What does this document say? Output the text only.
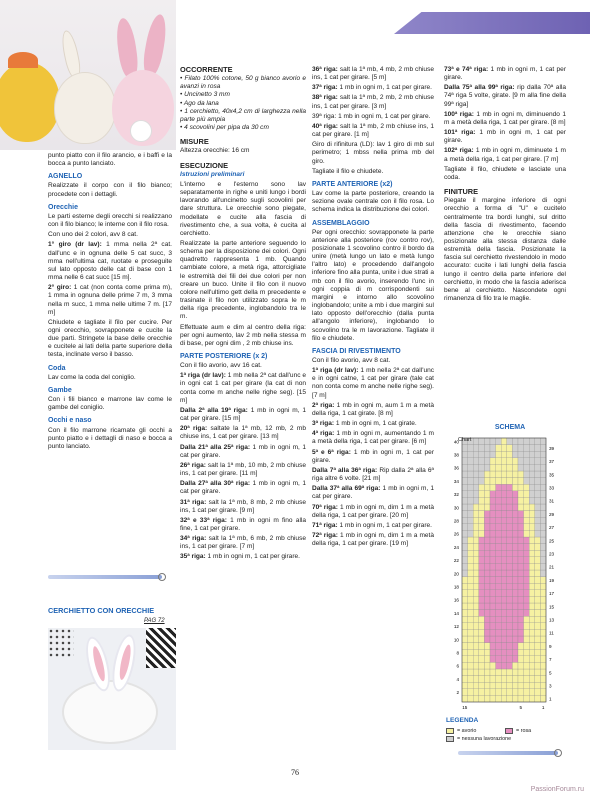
punto piatto con il filo arancio, e i baffi e la bocca a punto lanciato.

AGNELLO

Realizzate il corpo con il filo bianco; procedete con i dettagli.

Orecchie

Le parti esterne degli orecchi si realizzano con il filo bianco; le interne con il filo rosa.

Con uno dei 2 colori, avv 8 cat.

1° giro (dr lav): 1 mma nella 2ª cat. dall'unc e in ognuna delle 5 cat succ, 3 mma nell'ultima cat, ruotate e proseguite sul lato opposto delle cat di base con 1 mma nelle 6 cat succ [15 m].

2° giro: 1 cat (non conta come prima m), 1 mma in ognuna delle prime 7 m, 3 mma nella m succ, 1 mma nelle ultime 7 m. [17 m]

Chiudete e tagliate il filo per cucire. Per ogni orecchio, sovrapponete e cucite la due parti. Stringete la base delle orecchie e cucitele ai lati della parte superiore della testa, inclinate verso il basso.

Coda

Lav come la coda del coniglio.

Gambe

Con i fili bianco e marrone lav come le gambe del coniglio.

Occhi e naso

Con il filo marrone ricamate gli occhi a punto piatto e i dettagli di naso e bocca a punto lanciato.

CERCHIETTO CON ORECCHIE
PAG 72
OCCORRENTE
• Filato 100% cotone, 50 g bianco avorio e avanzi in rosa
• Uncinetto 3 mm
• Ago da lana
• 1 cerchietto, 40x4,2 cm di larghezza nella parte più ampia
• 4 scovolini per pipa da 30 cm
MISURE

Altezza orecchie: 16 cm

ESECUZIONE

Istruzioni preliminari

L'interno e l'esterno sono lav separatamente in righe e uniti lungo i bordi lavorando all'uncinetto sugli scovolini per dare struttura. Le orecchie sono piegate, modellate e cucite alla fascia di rivestimento che, a sua volta, è cucita al cerchietto.

Realizzate la parte anteriore seguendo lo schema per la disposizione dei colori. Ogni quadretto rappresenta 1 mb. Quando cambiate colore, a metà riga, attorcigliate le estremità dei fili dei due colori per non creare un buco. Unite il filo con il nuovo colore nell'ultimo gett della m precedente e trasinate il filo non utilizzato sopra le m della riga precedente, inglobandolo tra le m.

Effettuate aum e dim al centro della riga: per ogni aumento, lav 2 mb nella stessa m di base, per ogni dim , 2 mb chiuse ins.

PARTE POSTERIORE (x 2)

Con il filo avorio, avv 16 cat.

1ª riga (dr lav): 1 mb nella 2ª cat dall'unc e in ogni cat 1 cat per girare (la cat di non conta come m anche nelle righe seg). [15 m]

Dalla 2ª alla 19ª riga: 1 mb in ogni m, 1 cat per girare. [15 m]

20ª riga: saltate la 1ª mb, 12 mb, 2 mb chiuse ins, 1 cat per girare. [13 m]

Dalla 21ª alla 25ª riga: 1 mb in ogni m, 1 cat per girare.

26ª riga: salt la 1ª mb, 10 mb, 2 mb chiuse ins, 1 cat per girare. [11 m]

Dalla 27ª alla 30ª riga: 1 mb in ogni m, 1 cat per girare.

31ª riga: salt la 1ª mb, 8 mb, 2 mb chiuse ins, 1 cat per girare. [9 m]

32ª e 33ª riga: 1 mb in ogni m fino alla fine, 1 cat per girare.

34ª riga: salt la 1ª mb, 6 mb, 2 mb chiuse ins, 1 cat per girare. [7 m]

35ª riga: 1 mb in ogni m, 1 cat per girare.

36ª riga: salt la 1ª mb, 4 mb, 2 mb chiuse ins, 1 cat per girare. [5 m]

37ª riga: 1 mb in ogni m, 1 cat per girare.

38ª riga: salt la 1ª mb, 2 mb, 2 mb chiuse ins, 1 cat per girare. [3 m]

39ª riga: 1 mb in ogni m, 1 cat per girare.

40ª riga: salt la 1ª mb, 2 mb chiuse ins, 1 cat per girare. [1 m]

Giro di rifinitura (LD): lav 1 giro di mb sul perimetro; 1 mbss nella prima mb del giro.

Tagliate il filo e chiudete.

PARTE ANTERIORE (x2)

Lav come la parte posteriore, creando la sezione ovale centrale con il filo rosa. Lo schema indica la distribuzione dei colori.

ASSEMBLAGGIO

Per ogni orecchio: sovrapponete la parte anteriore alla posteriore (rov contro rov), posizionate 1 scovolino contro il bordo da unire (metà lungo un lato e metà lungo l'altro lato) e procedendo dall'angolo inferiore fino alla punta, unite i due strati a mb con il filo avorio, inserendo l'unc in ogni coppia di m corrispondenti sui margini e intorno allo scovolino inglobandolo; unite a mb i due margini sul lato opposto dell'orecchio (dalla punta all'angolo inferiore), inglobando lo scovolino tra le m lavorazione. Tagliate il filo e chiudete.

FASCIA DI RIVESTIMENTO

Con il filo avorio, avv 8 cat.

1ª riga (dr lav): 1 mb nella 2ª cat dall'unc e in ogni catne, 1 cat per girare (tale cat non conta come m anche nelle righe seg). [7 m]

2ª riga: 1 mb in ogni m, aum 1 m a metà della riga, 1 cat girate. [8 m]

3ª riga: 1 mb in ogni m, 1 cat girate.

4ª riga: 1 mb in ogni m, aumentando 1 m a metà della riga, 1 cat per girare. [6 m]

5ª e 6ª riga: 1 mb in ogni m, 1 cat per girare.

Dalla 7ª alla 36ª riga: Rip dalla 2ª alla 6ª riga altre 6 volte. [21 m]

Dalla 37ª alla 69ª riga: 1 mb in ogni m, 1 cat per girare.

70ª riga: 1 mb in ogni m, dim 1 m a metà della riga, 1 cat per girare. [20 m]

71ª riga: 1 mb in ogni m, 1 cat per girare.

72ª riga: 1 mb in ogni m, dim 1 m a metà della riga, 1 cat per girare. [19 m]

73ª e 74ª riga: 1 mb in ogni m, 1 cat per girare.

Dalla 75ª alla 99ª riga: rip dalla 70ª alla 74ª riga 5 volte, girate. [9 m alla fine della 99ª riga]

100ª riga: 1 mb in ogni m, diminuendo 1 m a metà della riga, 1 cat per girare. [8 m]

101ª riga: 1 mb in ogni m, 1 cat per girare.

102ª riga: 1 mb in ogni m, diminuete 1 m a metà della riga, 1 cat per girare. [7 m]

Tagliate il filo, chiudete e lasciate una coda.

FINITURE

Piegate il margine inferiore di ogni orecchio a forma di "U" e cucitelo centralmente tra bordi lunghi, sul dritto della fascia di rivestimento, facendo attenzione che le orecchie siano posizionate alla stessa distanza dalle estremità della fascia. Posizionate la fascia sul cerchietto rivestendolo in modo accurato: cucite i lati lunghi della fascia lungo il centro della parte inferiore del cerchietto, in modo che la fascia aderisca bene al cerchietto. Nascondete ogni rimanenza di filo tra le maglie.

SCHEMA
40
38
36
34
32
30
28
26
24
22
20
18
16
14
12
10
8
6
4
2
39
37
35
33
31
29
27
25
23
21
19
17
15
13
11
9
7
5
3
1
15	5	1
Chart
LEGENDA
= avorio	= rosa
= nessuna lavorazione
76
PassionForum.ru
